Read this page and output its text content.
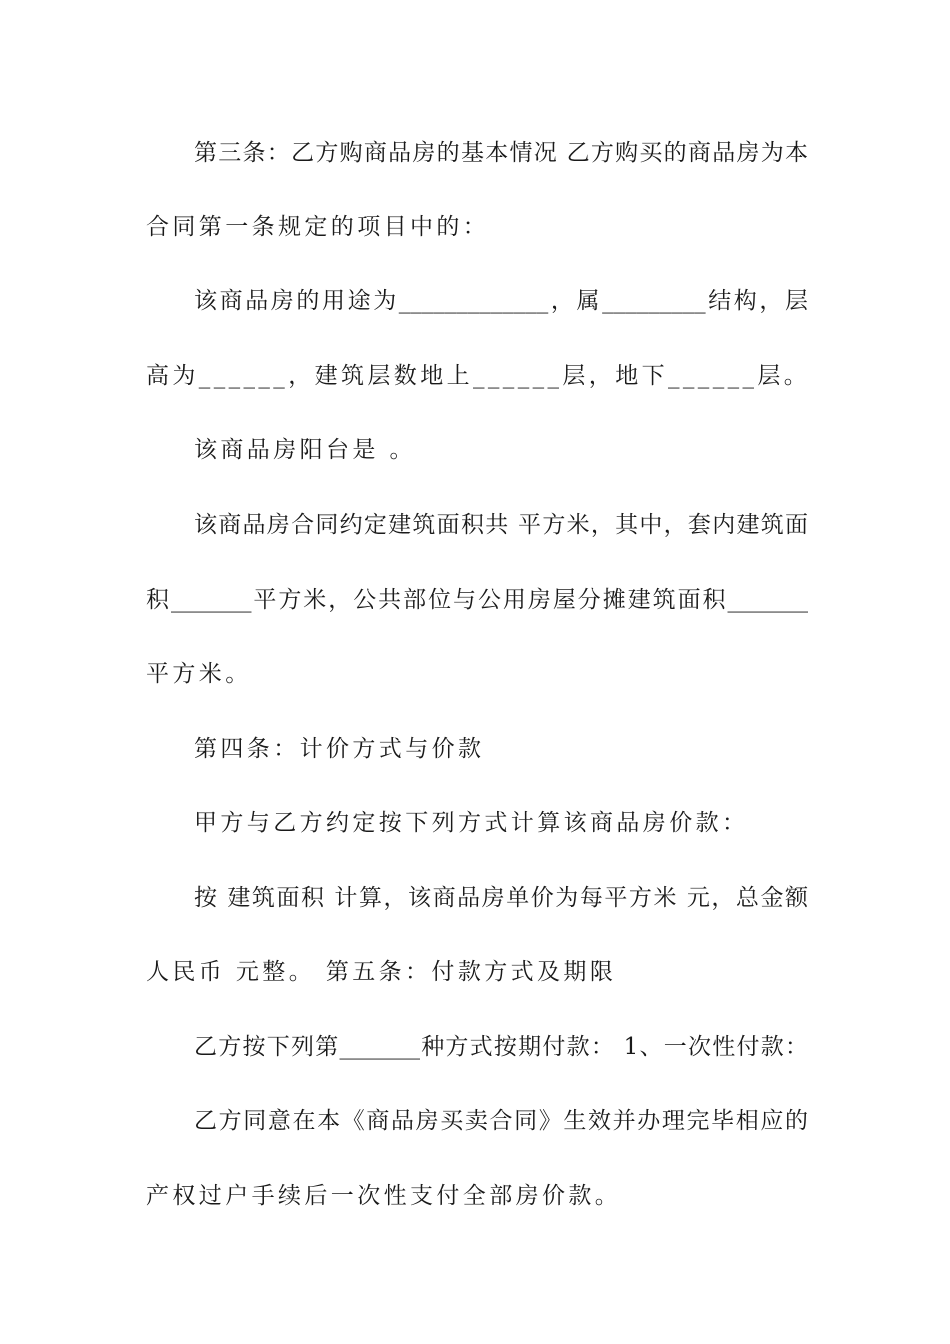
第三条：乙方购商品房的基本情况 乙方购买的商品房为本
合同第一条规定的项目中的：
该商品房的用途为_____________，属_________结构，层
高为______，建筑层数地上______层，地下______层。
该商品房阳台是 。
该商品房合同约定建筑面积共 平方米，其中，套内建筑面
积_______平方米，公共部位与公用房屋分摊建筑面积_______
平方米。
第四条：计价方式与价款
甲方与乙方约定按下列方式计算该商品房价款：
按 建筑面积 计算，该商品房单价为每平方米 元，总金额
人民币 元整。 第五条：付款方式及期限
乙方按下列第_______种方式按期付款： 1、一次性付款：
乙方同意在本《商品房买卖合同》生效并办理完毕相应的
产权过户手续后一次性支付全部房价款。
